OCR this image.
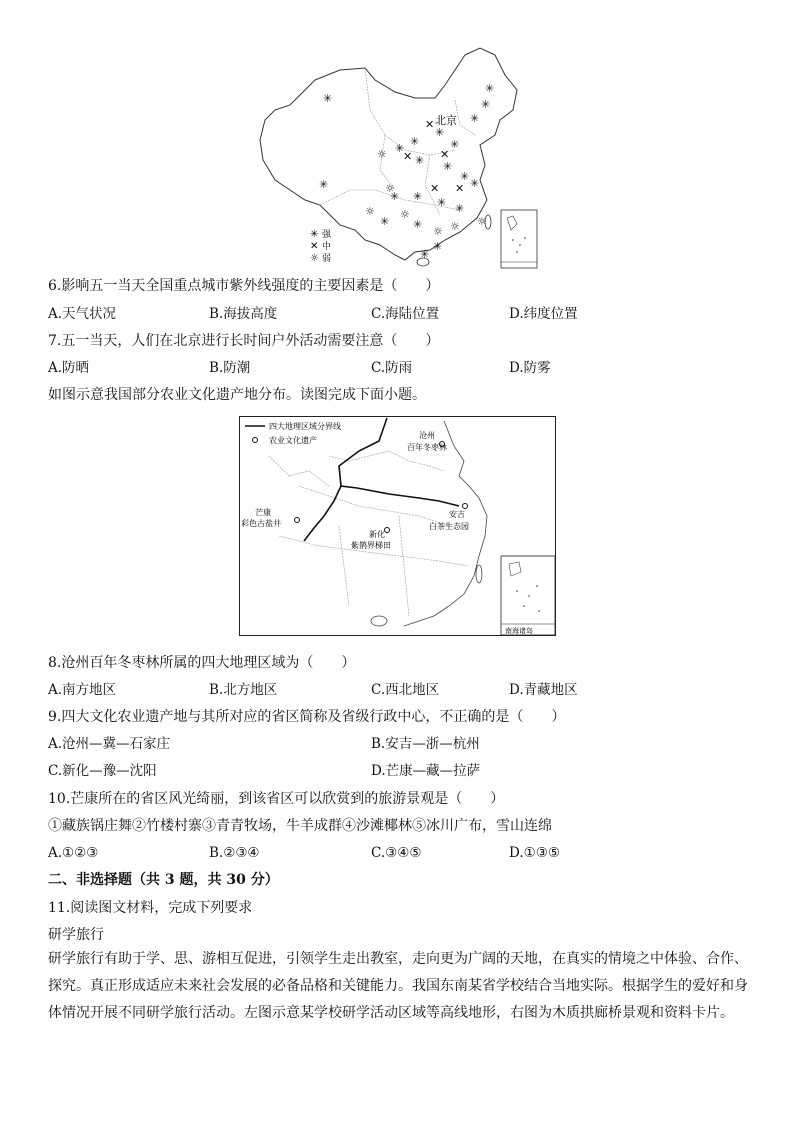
✳
✳
✳
✳
✳
✳
✳
✳
✳
✳ ✳
✳
✳
✳ ✳ ✳
✳ ✳
✳
✳
✳
✕
✕
✕
✕
✕
☼
☼
☼
☼
☼
☼
☼
北京
✳ 强
✕ 中
☼ 弱
6.影响五一当天全国重点城市紫外线强度的主要因素是（　　）
A.天气状况	B.海拔高度	C.海陆位置	D.纬度位置
7.五一当天，人们在北京进行长时间户外活动需要注意（　　）
A.防晒	B.防潮	C.防雨	D.防雾
如图示意我国部分农业文化遗产地分布。读图完成下面小题。
四大地理区域分界线
农业文化遗产
沧州
百年冬枣林
安吉
白茶生态园
芒康
彩色古盐井
新化
紫鹊界梯田
南海诸岛
8.沧州百年冬枣林所属的四大地理区域为（　　）
A.南方地区	B.北方地区	C.西北地区	D.青藏地区
9.四大文化农业遗产地与其所对应的省区简称及省级行政中心，不正确的是（　　）
A.沧州—冀—石家庄	B.安吉—浙—杭州
C.新化—豫—沈阳	D.芒康—藏—拉萨
10.芒康所在的省区风光绮丽，到该省区可以欣赏到的旅游景观是（　　）
①藏族锅庄舞②竹楼村寨③青青牧场，牛羊成群④沙滩椰林⑤冰川广布，雪山连绵
A.①②③	B.②③④	C.③④⑤	D.①③⑤
二、非选择题（共 3 题，共 30 分）
11.阅读图文材料，完成下列要求
研学旅行
研学旅行有助于学、思、游相互促进，引领学生走出教室，走向更为广阔的天地，在真实的情境之中体验、合作、探究。真正形成适应未来社会发展的必备品格和关键能力。我国东南某省学校结合当地实际。根据学生的爱好和身体情况开展不同研学旅行活动。左图示意某学校研学活动区域等高线地形，右图为木质拱廊桥景观和资料卡片。
